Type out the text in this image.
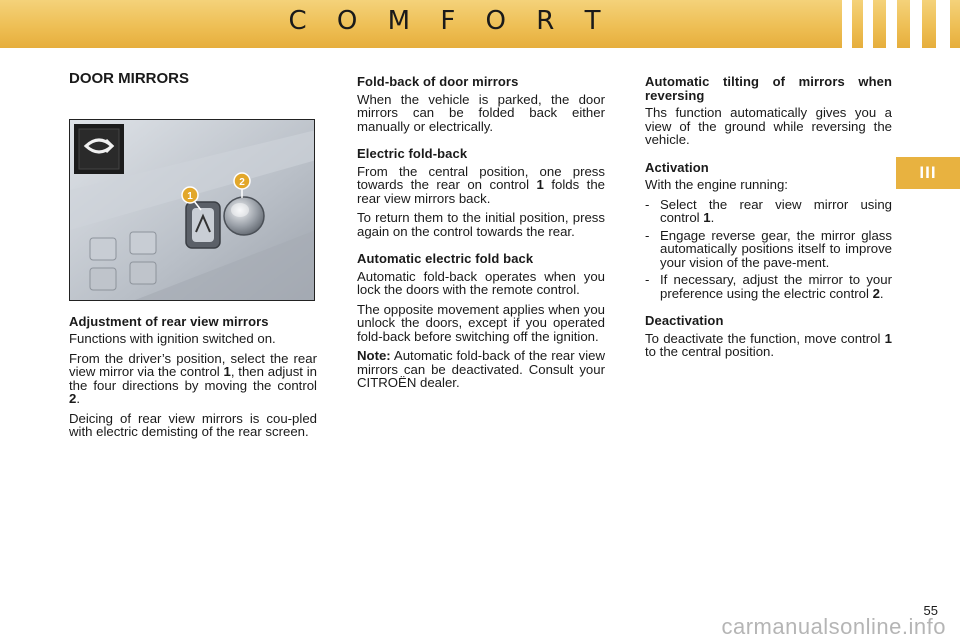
C O M F O R T
III
DOOR MIRRORS
1
2
Adjustment of rear view mirrors
Functions with ignition switched on.
From the driver’s position, select the rear view mirror via the control 1, then adjust in the four directions by moving the control 2.
Deicing of rear view mirrors is cou-pled with electric demisting of the rear screen.
Fold-back of door mirrors
When the vehicle is parked, the door mirrors can be folded back either manually or electrically.
Electric fold-back
From the central position, one press towards the rear on control 1 folds the rear view mirrors back.
To return them to the initial position, press again on the control towards the rear.
Automatic electric fold back
Automatic fold-back operates when you lock the doors with the remote control.
The opposite movement applies when you unlock the doors, except if you operated fold-back before switching off the ignition.
Note: Automatic fold-back of the rear view mirrors can be deactivated. Consult your CITROËN dealer.
Automatic tilting of mirrors when reversing
Ths function automatically gives you a view of the ground while reversing the vehicle.
Activation
With the engine running:
- Select the rear view mirror using control 1.
- Engage reverse gear, the mirror glass automatically positions itself to improve your vision of the pave-ment.
- If necessary, adjust the mirror to your preference using the electric control 2.
Deactivation
To deactivate the function, move control 1 to the central position.
55
carmanualsonline.info
